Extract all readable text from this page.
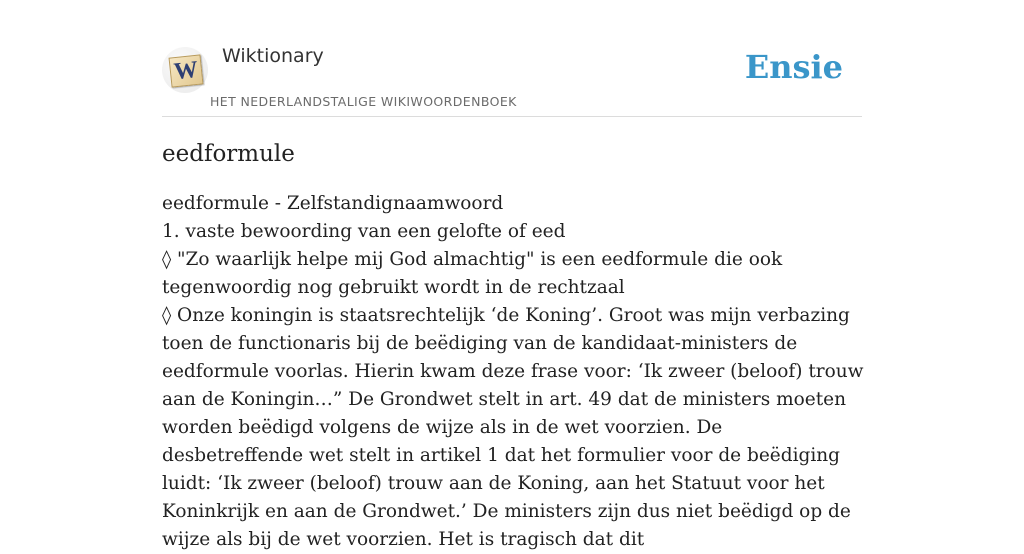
W
Wiktionary
HET NEDERLANDSTALIGE WIKIWOORDENBOEK
Ensie
eedformule

eedformule - Zelfstandignaamwoord
1. vaste bewoording van een gelofte of eed
◊ "Zo waarlijk helpe mij God almachtig" is een eedformule die ook tegenwoordig nog gebruikt wordt in de rechtzaal
◊ Onze koningin is staatsrechtelijk ‘de Koning’. Groot was mijn verbazing toen de functionaris bij de beëdiging van de kandidaat-ministers de eedformule voorlas. Hierin kwam deze frase voor: ‘Ik zweer (beloof) trouw aan de Koningin…” De Grondwet stelt in art. 49 dat de ministers moeten worden beëdigd volgens de wijze als in de wet voorzien. De desbetreffende wet stelt in artikel 1 dat het formulier voor de beëdiging luidt: ‘Ik zweer (beloof) trouw aan de Koning, aan het Statuut voor het Koninkrijk en aan de Grondwet.’ De ministers zijn dus niet beëdigd op de wijze als bij de wet voorzien. Het is tragisch dat dit
